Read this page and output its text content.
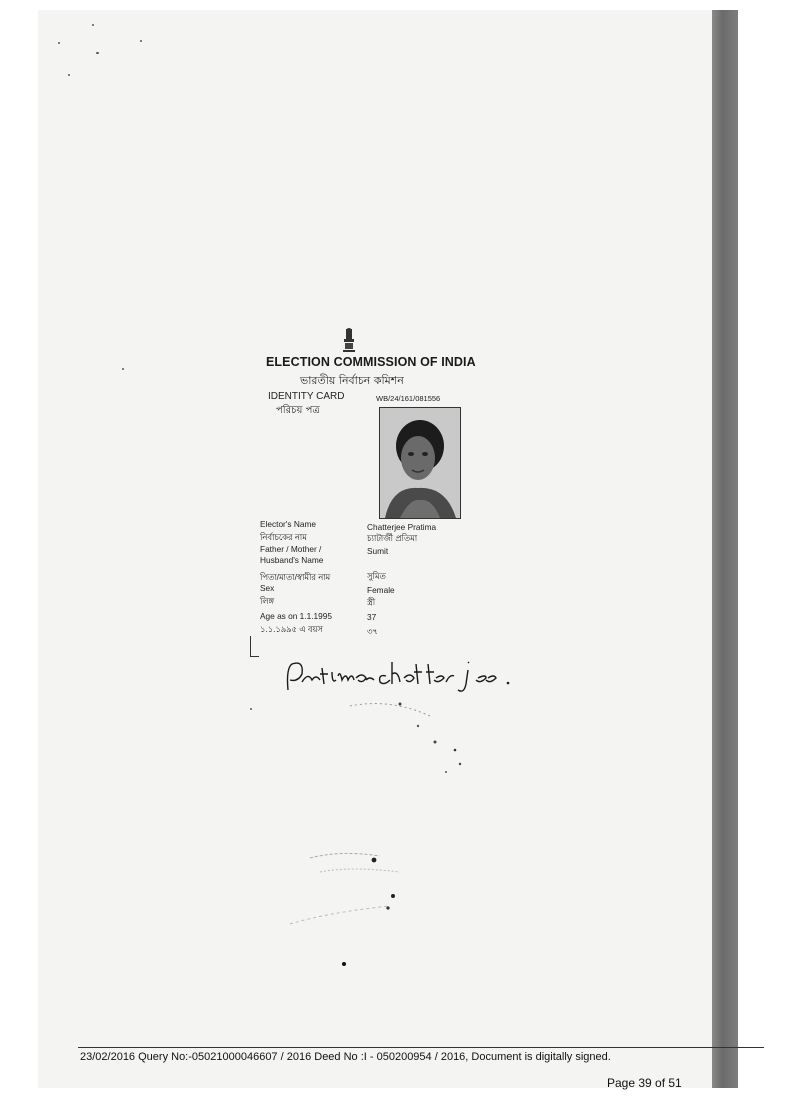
ELECTION COMMISSION OF INDIA
ভারতীয় নির্বাচন কমিশন
IDENTITY CARD
পরিচয় পত্র
WB/24/161/081556
Elector's Name	Chatterjee Pratima
নির্বাচকের নাম	চ্যাটার্জী প্রতিমা
Father / Mother /	Sumit
Husband's Name
পিতা/মাতা/স্বামীর নাম	সুমিত
Sex	Female
লিঙ্গ	স্ত্রী
Age as on 1.1.1995	37
১.১.১৯৯৫ এ বয়স	৩৭
23/02/2016 Query No:-05021000046607 / 2016 Deed No :I - 050200954 / 2016, Document is digitally signed.
Page 39 of 51
